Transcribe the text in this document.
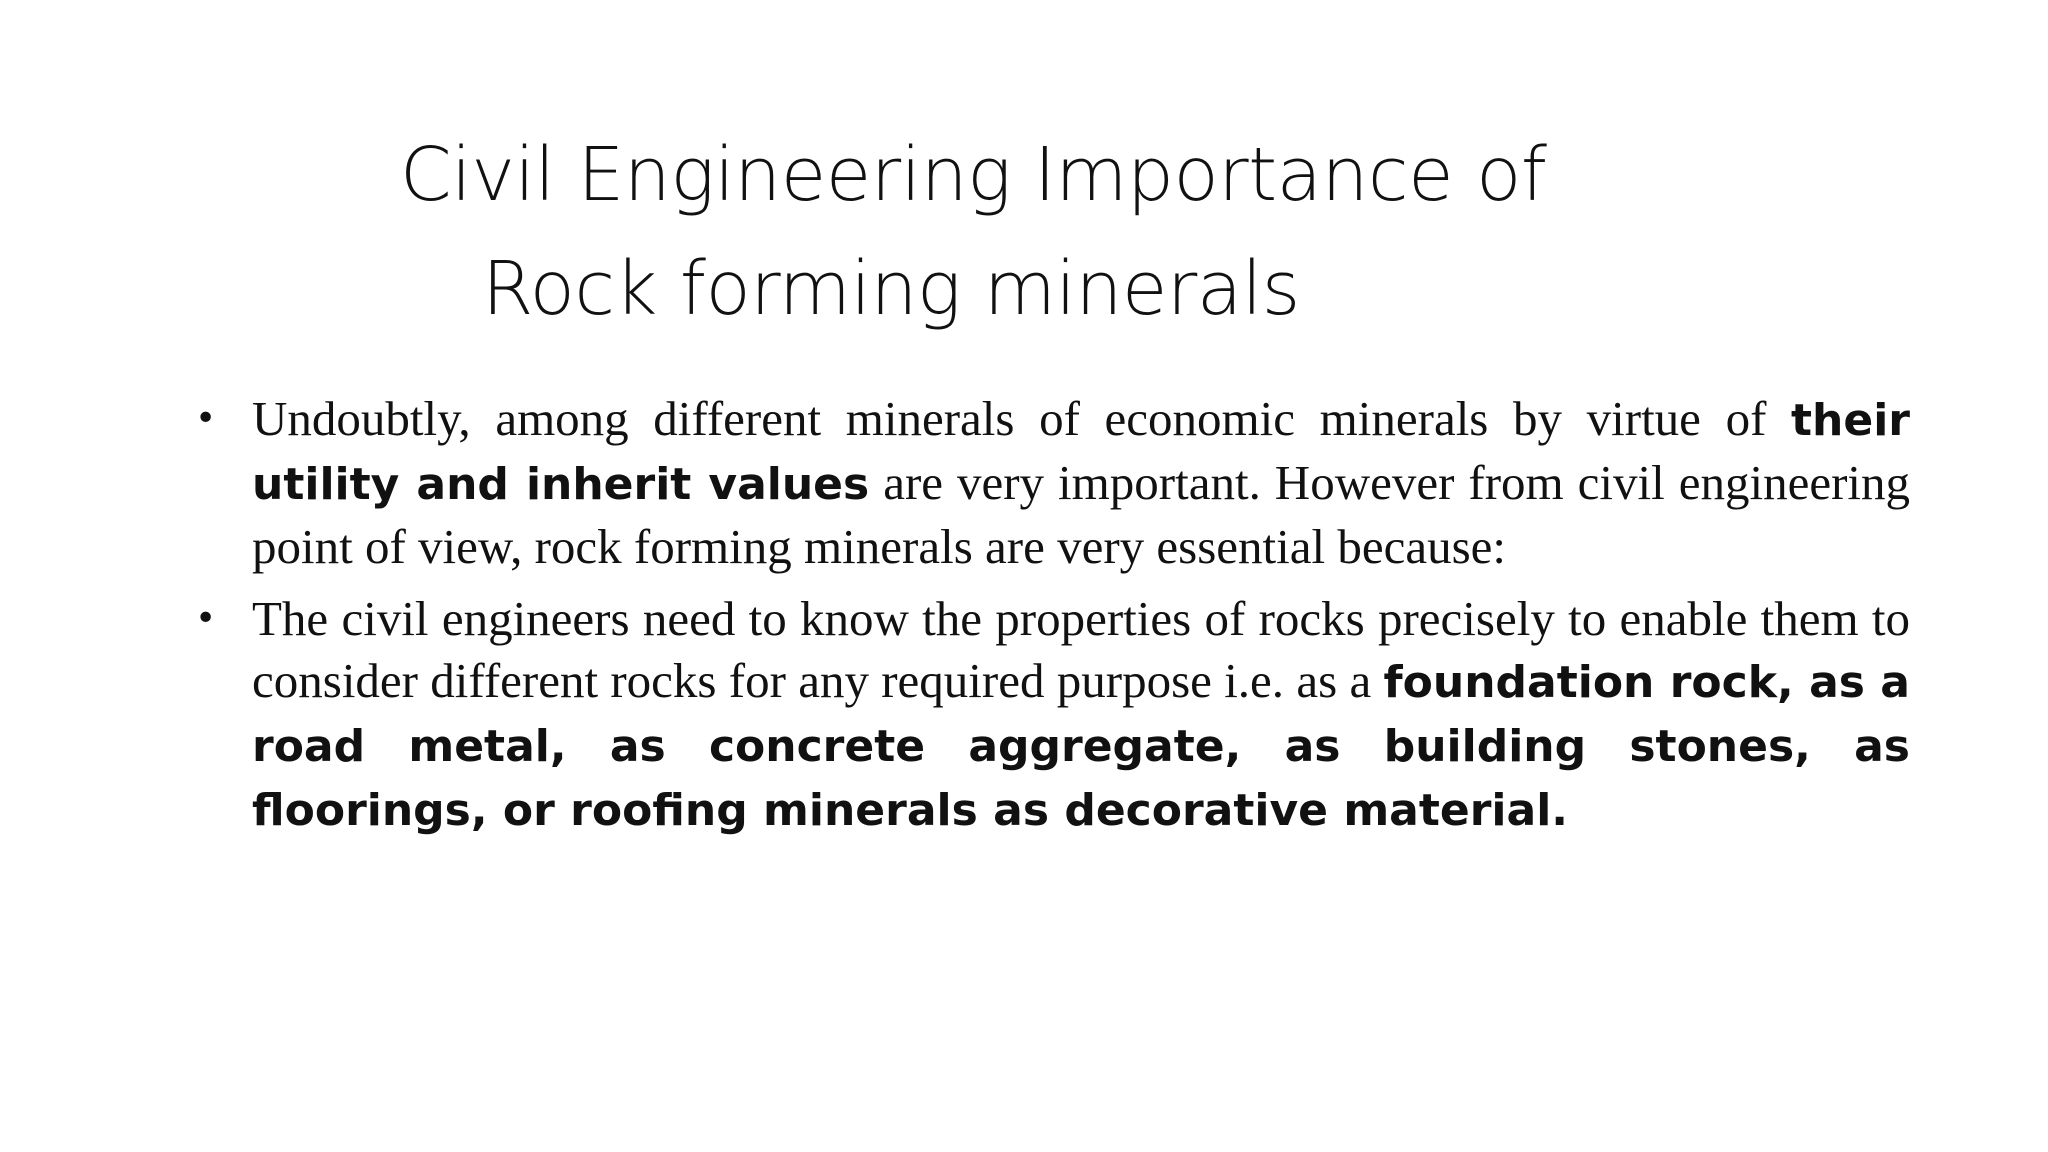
Civil Engineering Importance of
Rock forming minerals
• Undoubtly, among different minerals of economic minerals by virtue of their utility and inherit values are very important. However from civil engineering point of view, rock forming minerals are very essential because:
• The civil engineers need to know the properties of rocks precisely to enable them to consider different rocks for any required purpose i.e. as a foundation rock, as a road metal, as concrete aggregate, as building stones, as floorings, or roofing minerals as decorative material.
